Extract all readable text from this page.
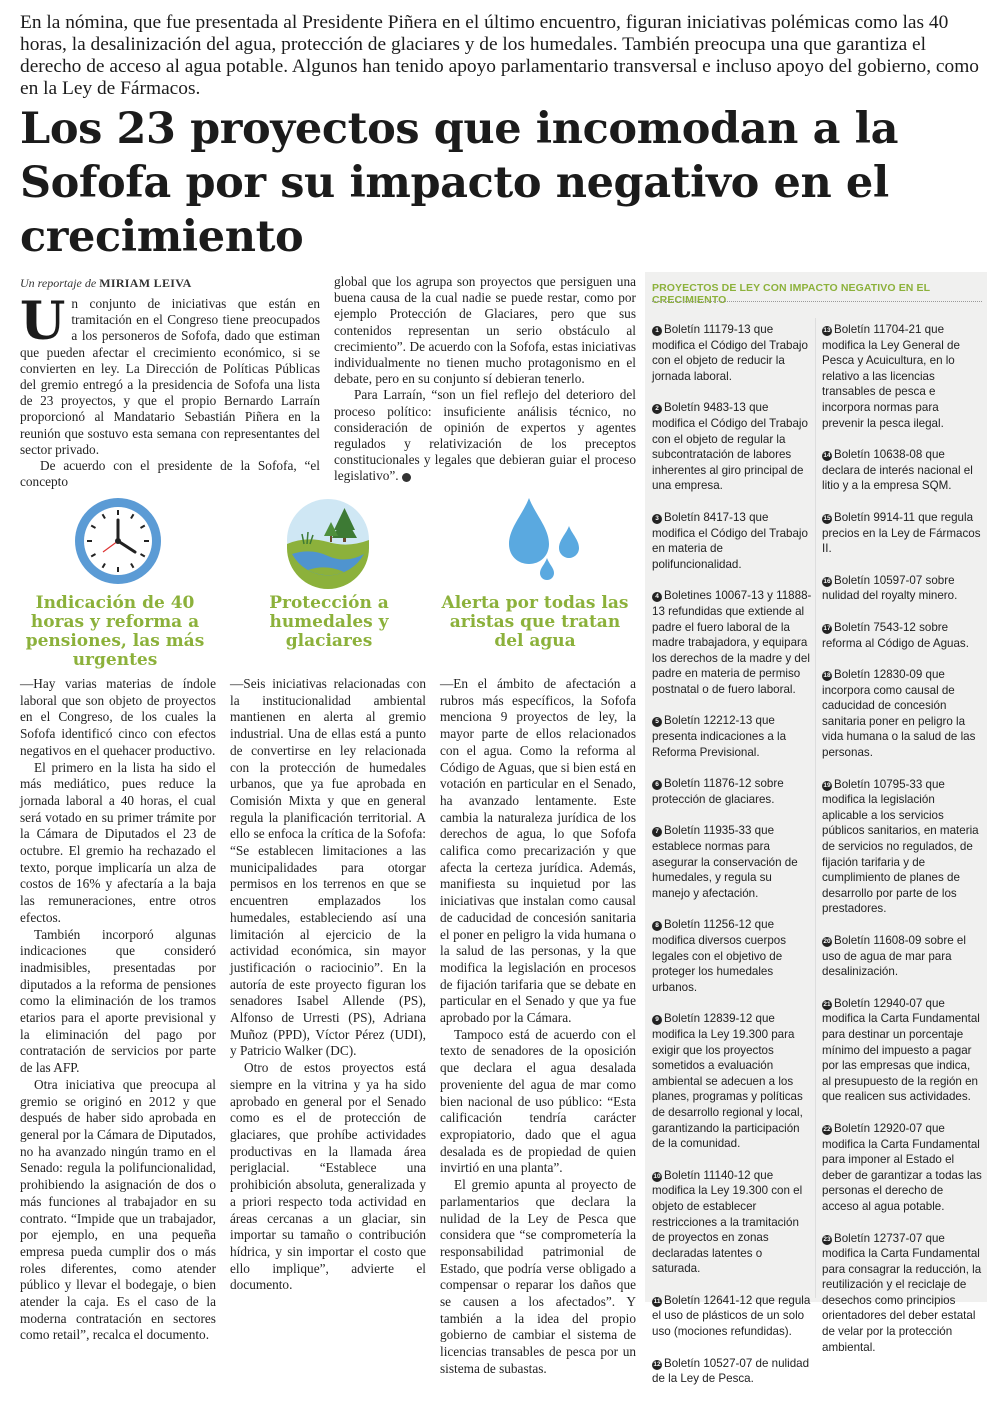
En la nómina, que fue presentada al Presidente Piñera en el último encuentro, figuran iniciativas polémicas como las 40 horas, la desalinización del agua, protección de glaciares y de los humedales. También preocupa una que garantiza el derecho de acceso al agua potable. Algunos han tenido apoyo parlamentario transversal e incluso apoyo del gobierno, como en la Ley de Fármacos.
Los 23 proyectos que incomodan a la Sofofa por su impacto negativo en el crecimiento
Un reportaje de MIRIAM LEIVA

Un conjunto de iniciativas que están en tramitación en el Congreso tiene preocupados a los personeros de Sofofa, dado que estiman que pueden afectar el crecimiento económico, si se convierten en ley. La Dirección de Políticas Públicas del gremio entregó a la presidencia de Sofofa una lista de 23 proyectos, y que el propio Bernardo Larraín proporcionó al Mandatario Sebastián Piñera en la reunión que sostuvo esta semana con representantes del sector privado.

De acuerdo con el presidente de la Sofofa, “el concepto

global que los agrupa son proyectos que persiguen una buena causa de la cual nadie se puede restar, como por ejemplo Protección de Glaciares, pero que sus contenidos representan un serio obstáculo al crecimiento”. De acuerdo con la Sofofa, estas iniciativas individualmente no tienen mucho protagonismo en el debate, pero en su conjunto sí debieran tenerlo.

Para Larraín, “son un fiel reflejo del deterioro del proceso político: insuficiente análisis técnico, no consideración de opinión de expertos y agentes regulados y relativización de los preceptos constitucionales y legales que debieran guiar el proceso legislativo”.

Indicación de 40 horas y reforma a pensiones, las más urgentes
Protección a humedales y glaciares
Alerta por todas las aristas que tratan del agua

—Hay varias materias de índole laboral que son objeto de proyectos en el Congreso, de los cuales la Sofofa identificó cinco con efectos negativos en el quehacer productivo.

El primero en la lista ha sido el más mediático, pues reduce la jornada laboral a 40 horas, el cual será votado en su primer trámite por la Cámara de Diputados el 23 de octubre. El gremio ha rechazado el texto, porque implicaría un alza de costos de 16% y afectaría a la baja las remuneraciones, entre otros efectos.

También incorporó algunas indicaciones que consideró inadmisibles, presentadas por diputados a la reforma de pensiones como la eliminación de los tramos etarios para el aporte previsional y la eliminación del pago por contratación de servicios por parte de las AFP.

Otra iniciativa que preocupa al gremio se originó en 2012 y que después de haber sido aprobada en general por la Cámara de Diputados, no ha avanzado ningún tramo en el Senado: regula la polifuncionalidad, prohibiendo la asignación de dos o más funciones al trabajador en su contrato. “Impide que un trabajador, por ejemplo, en una pequeña empresa pueda cumplir dos o más roles diferentes, como atender público y llevar el bodegaje, o bien atender la caja. Es el caso de la moderna contratación en sectores como retail”, recalca el documento.

—Seis iniciativas relacionadas con la institucionalidad ambiental mantienen en alerta al gremio industrial. Una de ellas está a punto de convertirse en ley relacionada con la protección de humedales urbanos, que ya fue aprobada en Comisión Mixta y que en general regula la planificación territorial. A ello se enfoca la crítica de la Sofofa: “Se establecen limitaciones a las municipalidades para otorgar permisos en los terrenos en que se encuentren emplazados los humedales, estableciendo así una limitación al ejercicio de la actividad económica, sin mayor justificación o raciocinio”. En la autoría de este proyecto figuran los senadores Isabel Allende (PS), Alfonso de Urresti (PS), Adriana Muñoz (PPD), Víctor Pérez (UDI), y Patricio Walker (DC).

Otro de estos proyectos está siempre en la vitrina y ya ha sido aprobado en general por el Senado como es el de protección de glaciares, que prohíbe actividades productivas en la llamada área periglacial. “Establece una prohibición absoluta, generalizada y a priori respecto toda actividad en áreas cercanas a un glaciar, sin importar su tamaño o contribución hídrica, y sin importar el costo que ello implique”, advierte el documento.

—En el ámbito de afectación a rubros más específicos, la Sofofa menciona 9 proyectos de ley, la mayor parte de ellos relacionados con el agua. Como la reforma al Código de Aguas, que si bien está en votación en particular en el Senado, ha avanzado lentamente. Este cambia la naturaleza jurídica de los derechos de agua, lo que Sofofa califica como precarización y que afecta la certeza jurídica. Además, manifiesta su inquietud por las iniciativas que instalan como causal de caducidad de concesión sanitaria el poner en peligro la vida humana o la salud de las personas, y la que modifica la legislación en procesos de fijación tarifaria que se debate en particular en el Senado y que ya fue aprobado por la Cámara.

Tampoco está de acuerdo con el texto de senadores de la oposición que declara el agua desalada proveniente del agua de mar como bien nacional de uso público: “Esta calificación tendría carácter expropiatorio, dado que el agua desalada es de propiedad de quien invirtió en una planta”.

El gremio apunta al proyecto de parlamentarios que declara la nulidad de la Ley de Pesca que considera que “se comprometería la responsabilidad patrimonial de Estado, que podría verse obligado a compensar o reparar los daños que se causen a los afectados”. Y también a la idea del propio gobierno de cambiar el sistema de licencias transables de pesca por un sistema de subastas.

PROYECTOS DE LEY CON IMPACTO NEGATIVO EN EL CRECIMIENTO
1 Boletín 11179-13 que modifica el Código del Trabajo con el objeto de reducir la jornada laboral.
2 Boletín 9483-13 que modifica el Código del Trabajo con el objeto de regular la subcontratación de labores inherentes al giro principal de una empresa.
3 Boletín 8417-13 que modifica el Código del Trabajo en materia de polifuncionalidad.
4 Boletines 10067-13 y 11888-13 refundidas que extiende al padre el fuero laboral de la madre trabajadora, y equipara los derechos de la madre y del padre en materia de permiso postnatal o de fuero laboral.
5 Boletín 12212-13 que presenta indicaciones a la Reforma Previsional.
6 Boletín 11876-12 sobre protección de glaciares.
7 Boletín 11935-33 que establece normas para asegurar la conservación de humedales, y regula su manejo y afectación.
8 Boletín 11256-12 que modifica diversos cuerpos legales con el objetivo de proteger los humedales urbanos.
9 Boletín 12839-12 que modifica la Ley 19.300 para exigir que los proyectos sometidos a evaluación ambiental se adecuen a los planes, programas y políticas de desarrollo regional y local, garantizando la participación de la comunidad.
10 Boletín 11140-12 que modifica la Ley 19.300 con el objeto de establecer restricciones a la tramitación de proyectos en zonas declaradas latentes o saturada.
11 Boletín 12641-12 que regula el uso de plásticos de un solo uso (mociones refundidas).
12 Boletín 10527-07 de nulidad de la Ley de Pesca.
13 Boletín 11704-21 que modifica la Ley General de Pesca y Acuicultura, en lo relativo a las licencias transables de pesca e incorpora normas para prevenir la pesca ilegal.
14 Boletín 10638-08 que declara de interés nacional el litio y a la empresa SQM.
15 Boletín 9914-11 que regula precios en la Ley de Fármacos II.
16 Boletín 10597-07 sobre nulidad del royalty minero.
17 Boletín 7543-12 sobre reforma al Código de Aguas.
18 Boletín 12830-09 que incorpora como causal de caducidad de concesión sanitaria poner en peligro la vida humana o la salud de las personas.
19 Boletín 10795-33 que modifica la legislación aplicable a los servicios públicos sanitarios, en materia de servicios no regulados, de fijación tarifaria y de cumplimiento de planes de desarrollo por parte de los prestadores.
20 Boletín 11608-09 sobre el uso de agua de mar para desalinización.
21 Boletín 12940-07 que modifica la Carta Fundamental para destinar un porcentaje mínimo del impuesto a pagar por las empresas que indica, al presupuesto de la región en que realicen sus actividades.
22 Boletín 12920-07 que modifica la Carta Fundamental para imponer al Estado el deber de garantizar a todas las personas el derecho de acceso al agua potable.
23 Boletín 12737-07 que modifica la Carta Fundamental para consagrar la reducción, la reutilización y el reciclaje de desechos como principios orientadores del deber estatal de velar por la protección ambiental.
